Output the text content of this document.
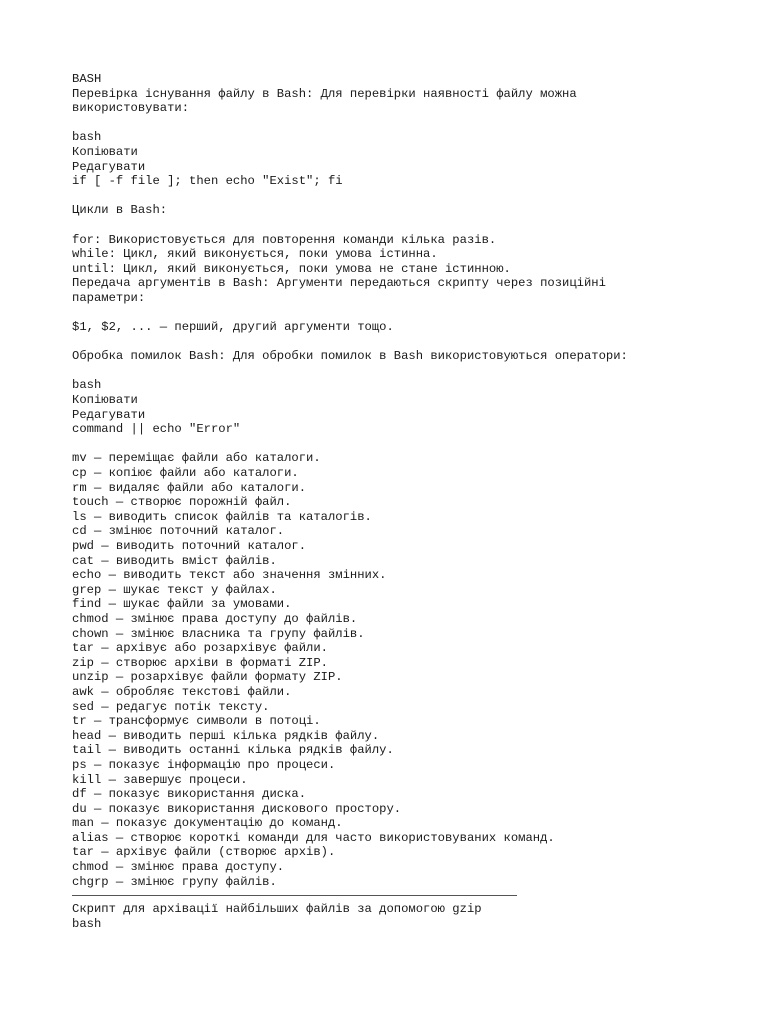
BASH
Перевірка існування файлу в Bash: Для перевірки наявності файлу можна
використовувати:
bash
Копіювати
Редагувати
if [ -f file ]; then echo "Exist"; fi
Цикли в Bash:
for: Використовується для повторення команди кілька разів.
while: Цикл, який виконується, поки умова істинна.
until: Цикл, який виконується, поки умова не стане істинною.
Передача аргументів в Bash: Аргументи передаються скрипту через позиційні
параметри:
$1, $2, ... — перший, другий аргументи тощо.
Обробка помилок Bash: Для обробки помилок в Bash використовуються оператори:
bash
Копіювати
Редагувати
command || echo "Error"
mv — переміщає файли або каталоги.
cp — копіює файли або каталоги.
rm — видаляє файли або каталоги.
touch — створює порожній файл.
ls — виводить список файлів та каталогів.
cd — змінює поточний каталог.
pwd — виводить поточний каталог.
cat — виводить вміст файлів.
echo — виводить текст або значення змінних.
grep — шукає текст у файлах.
find — шукає файли за умовами.
chmod — змінює права доступу до файлів.
chown — змінює власника та групу файлів.
tar — архівує або розархівує файли.
zip — створює архіви в форматі ZIP.
unzip — розархівує файли формату ZIP.
awk — обробляє текстові файли.
sed — редагує потік тексту.
tr — трансформує символи в потоці.
head — виводить перші кілька рядків файлу.
tail — виводить останні кілька рядків файлу.
ps — показує інформацію про процеси.
kill — завершує процеси.
df — показує використання диска.
du — показує використання дискового простору.
man — показує документацію до команд.
alias — створює короткі команди для часто використовуваних команд.
tar — архівує файли (створює архів).
chmod — змінює права доступу.
chgrp — змінює групу файлів.
Скрипт для архівації найбільших файлів за допомогою gzip
bash
